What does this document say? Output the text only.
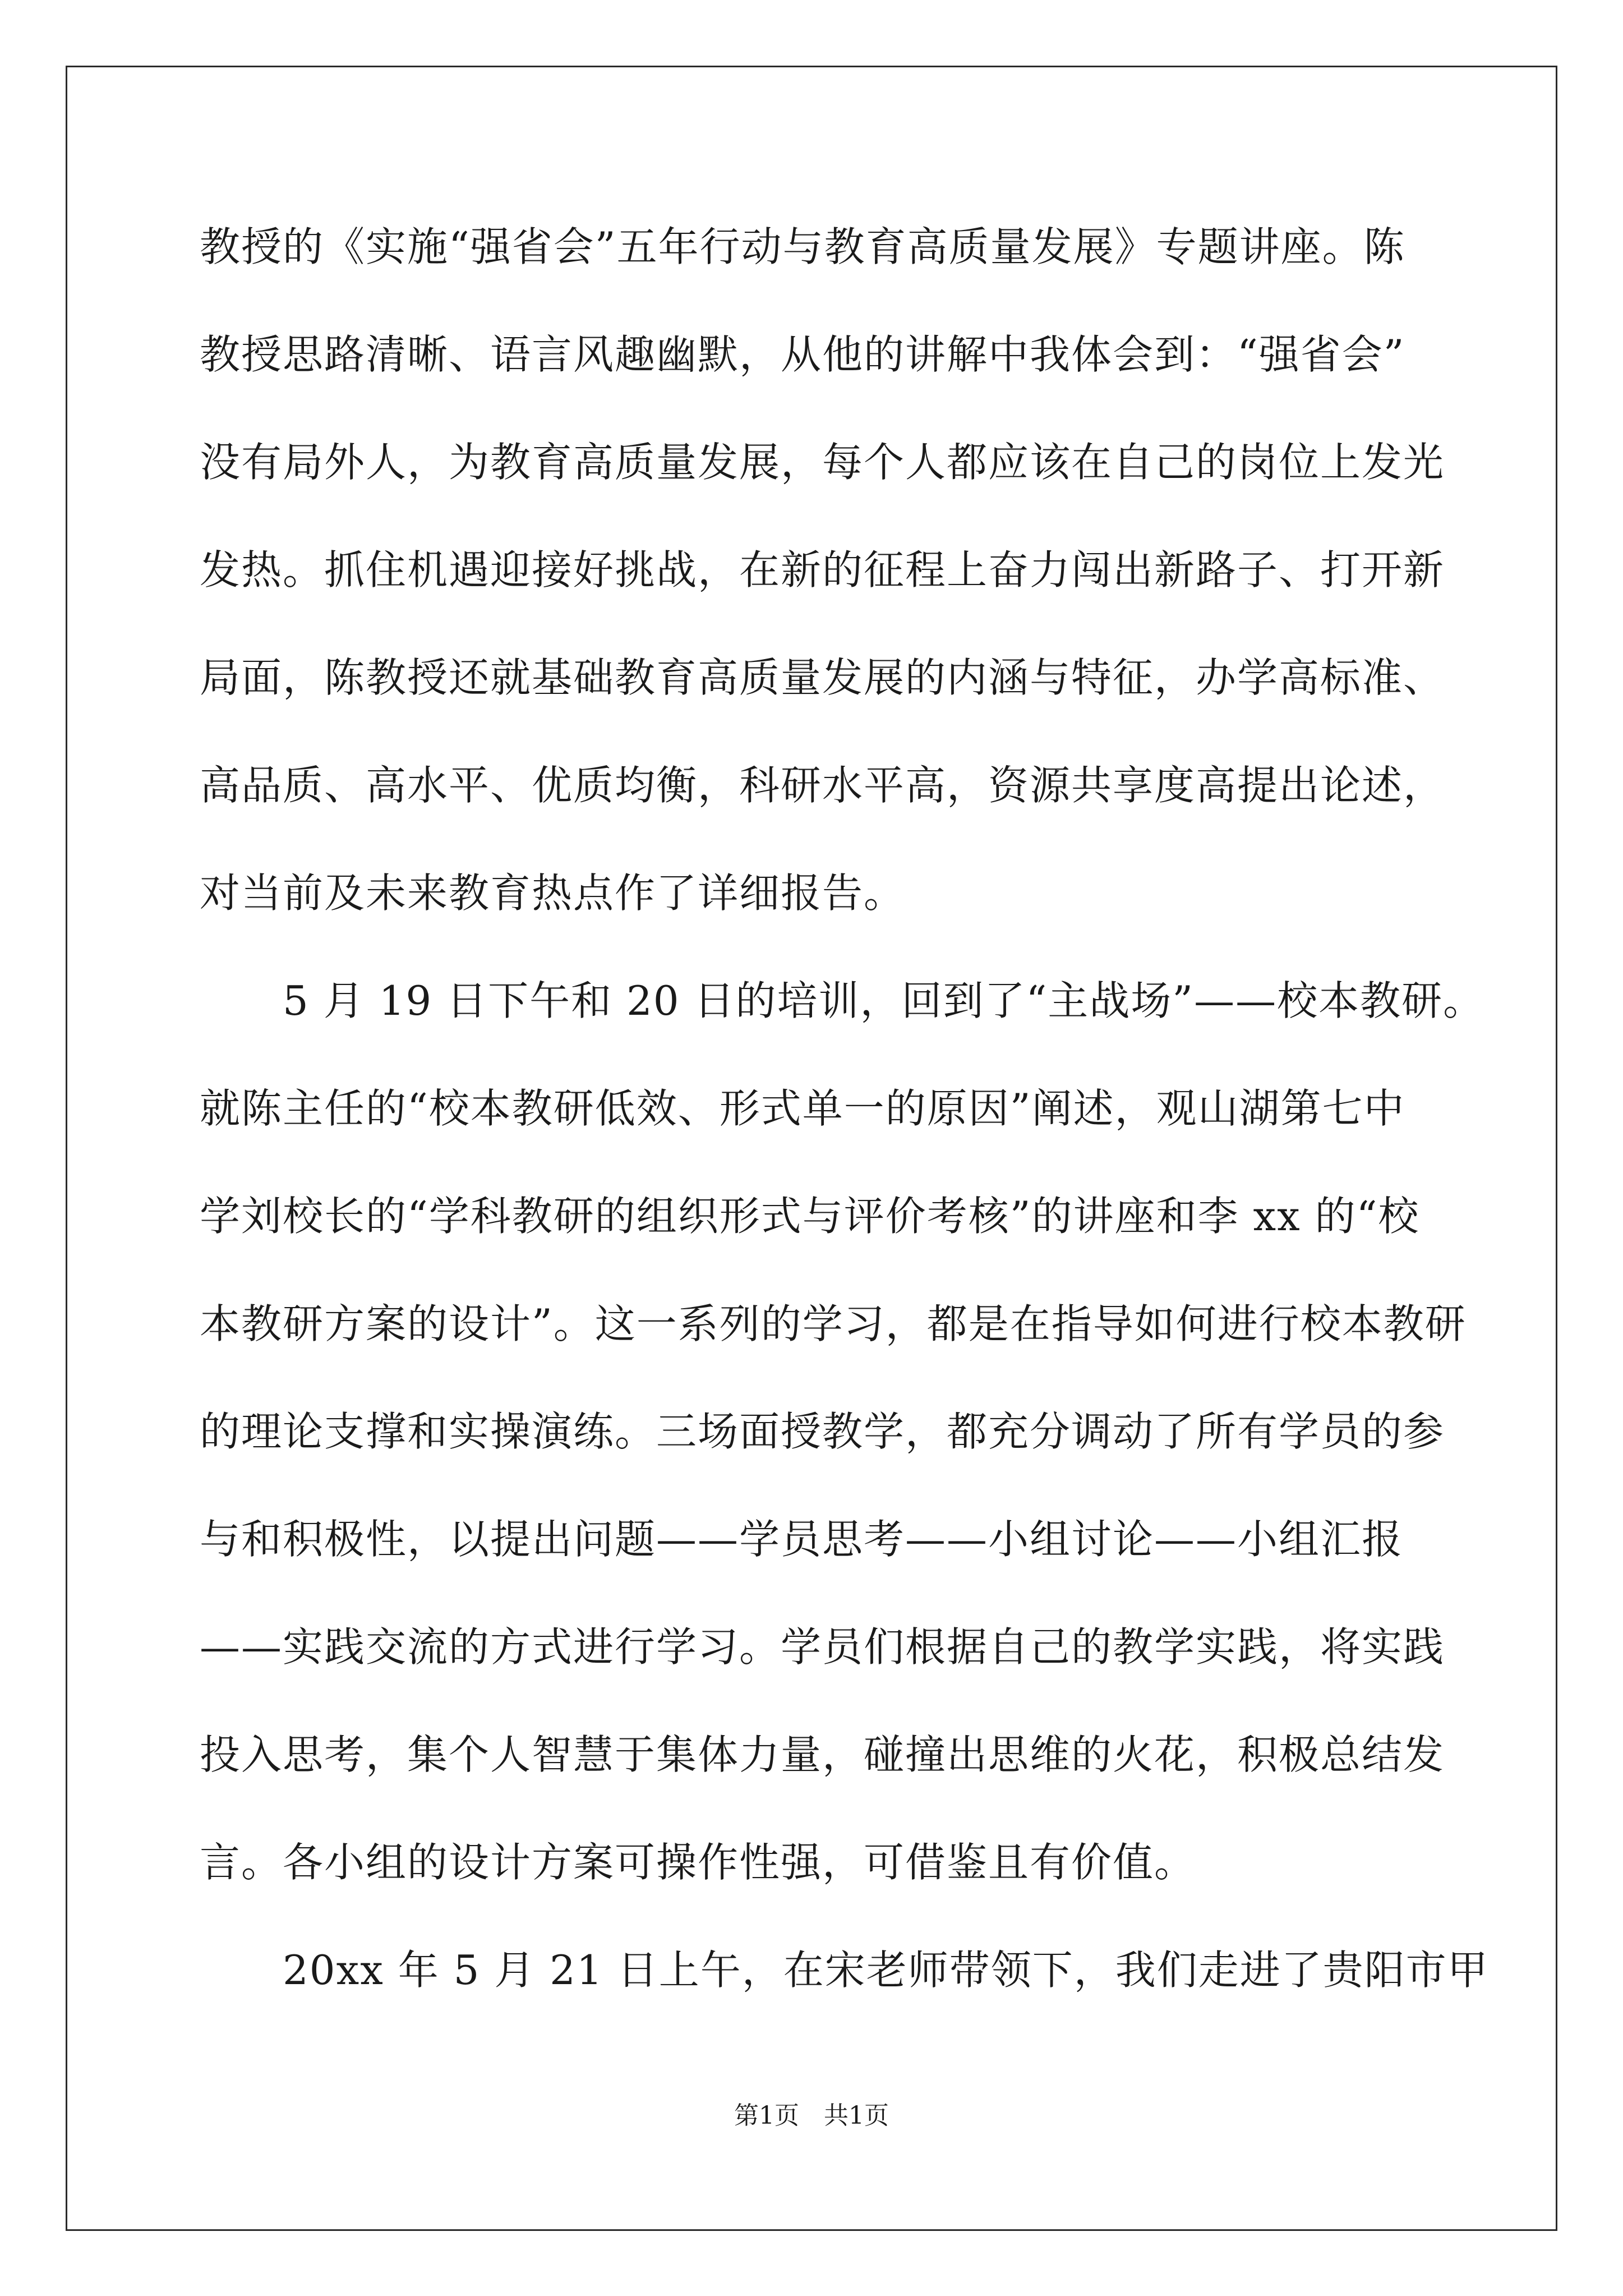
教授的《实施“强省会”五年行动与教育高质量发展》专题讲座。陈
教授思路清晰、语言风趣幽默，从他的讲解中我体会到：“强省会”
没有局外人，为教育高质量发展，每个人都应该在自己的岗位上发光
发热。抓住机遇迎接好挑战，在新的征程上奋力闯出新路子、打开新
局面，陈教授还就基础教育高质量发展的内涵与特征，办学高标准、
高品质、高水平、优质均衡，科研水平高，资源共享度高提出论述，
对当前及未来教育热点作了详细报告。
　　5 月 19 日下午和 20 日的培训，回到了“主战场”——校本教研。
就陈主任的“校本教研低效、形式单一的原因”阐述，观山湖第七中
学刘校长的“学科教研的组织形式与评价考核”的讲座和李 xx 的“校
本教研方案的设计”。这一系列的学习，都是在指导如何进行校本教研
的理论支撑和实操演练。三场面授教学，都充分调动了所有学员的参
与和积极性，以提出问题——学员思考——小组讨论——小组汇报
——实践交流的方式进行学习。学员们根据自己的教学实践，将实践
投入思考，集个人智慧于集体力量，碰撞出思维的火花，积极总结发
言。各小组的设计方案可操作性强，可借鉴且有价值。
　　20xx 年 5 月 21 日上午，在宋老师带领下，我们走进了贵阳市甲
第1页　共1页
